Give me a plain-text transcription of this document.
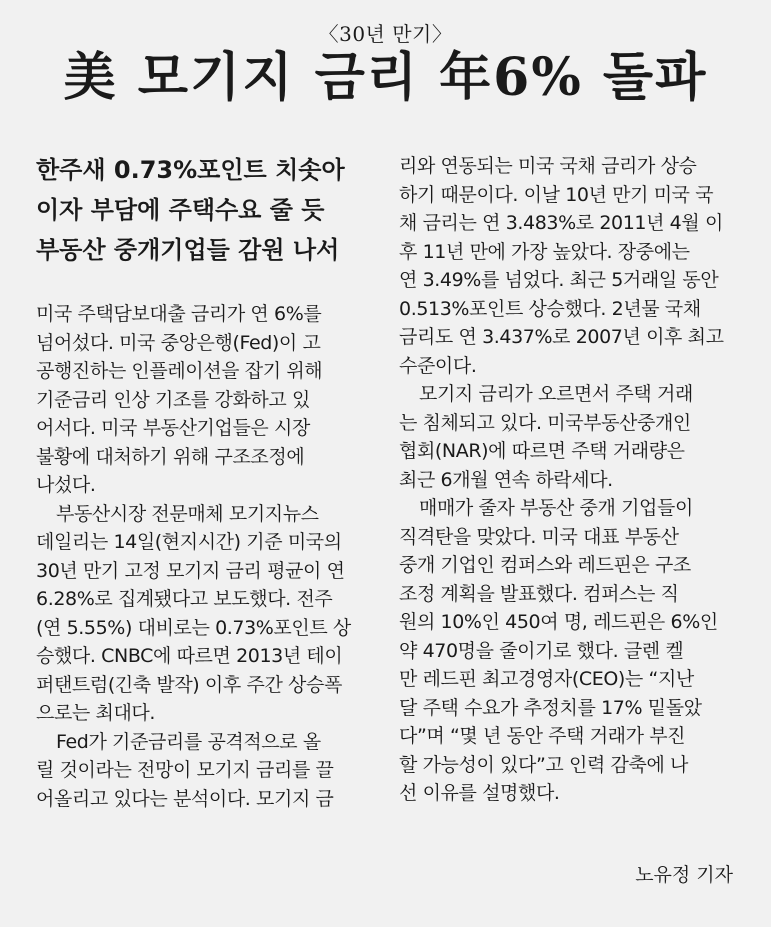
〈30년 만기〉
美 모기지 금리 年6% 돌파
한주새 0.73%포인트 치솟아
이자 부담에 주택수요 줄 듯
부동산 중개기업들 감원 나서
미국 주택담보대출 금리가 연 6%를
넘어섰다. 미국 중앙은행(Fed)이 고
공행진하는 인플레이션을 잡기 위해
기준금리 인상 기조를 강화하고 있
어서다. 미국 부동산기업들은 시장
불황에 대처하기 위해 구조조정에
나섰다.
부동산시장 전문매체 모기지뉴스
데일리는 14일(현지시간) 기준 미국의
30년 만기 고정 모기지 금리 평균이 연
6.28%로 집계됐다고 보도했다. 전주
(연 5.55%) 대비로는 0.73%포인트 상
승했다. CNBC에 따르면 2013년 테이
퍼탠트럼(긴축 발작) 이후 주간 상승폭
으로는 최대다.
Fed가 기준금리를 공격적으로 올
릴 것이라는 전망이 모기지 금리를 끌
어올리고 있다는 분석이다. 모기지 금
리와 연동되는 미국 국채 금리가 상승
하기 때문이다. 이날 10년 만기 미국 국
채 금리는 연 3.483%로 2011년 4월 이
후 11년 만에 가장 높았다. 장중에는
연 3.49%를 넘었다. 최근 5거래일 동안
0.513%포인트 상승했다. 2년물 국채
금리도 연 3.437%로 2007년 이후 최고
수준이다.
모기지 금리가 오르면서 주택 거래
는 침체되고 있다. 미국부동산중개인
협회(NAR)에 따르면 주택 거래량은
최근 6개월 연속 하락세다.
매매가 줄자 부동산 중개 기업들이
직격탄을 맞았다. 미국 대표 부동산
중개 기업인 컴퍼스와 레드핀은 구조
조정 계획을 발표했다. 컴퍼스는 직
원의 10%인 450여 명, 레드핀은 6%인
약 470명을 줄이기로 했다. 글렌 켈
만 레드핀 최고경영자(CEO)는 “지난
달 주택 수요가 추정치를 17% 밑돌았
다”며 “몇 년 동안 주택 거래가 부진
할 가능성이 있다”고 인력 감축에 나
선 이유를 설명했다.
노유정 기자
